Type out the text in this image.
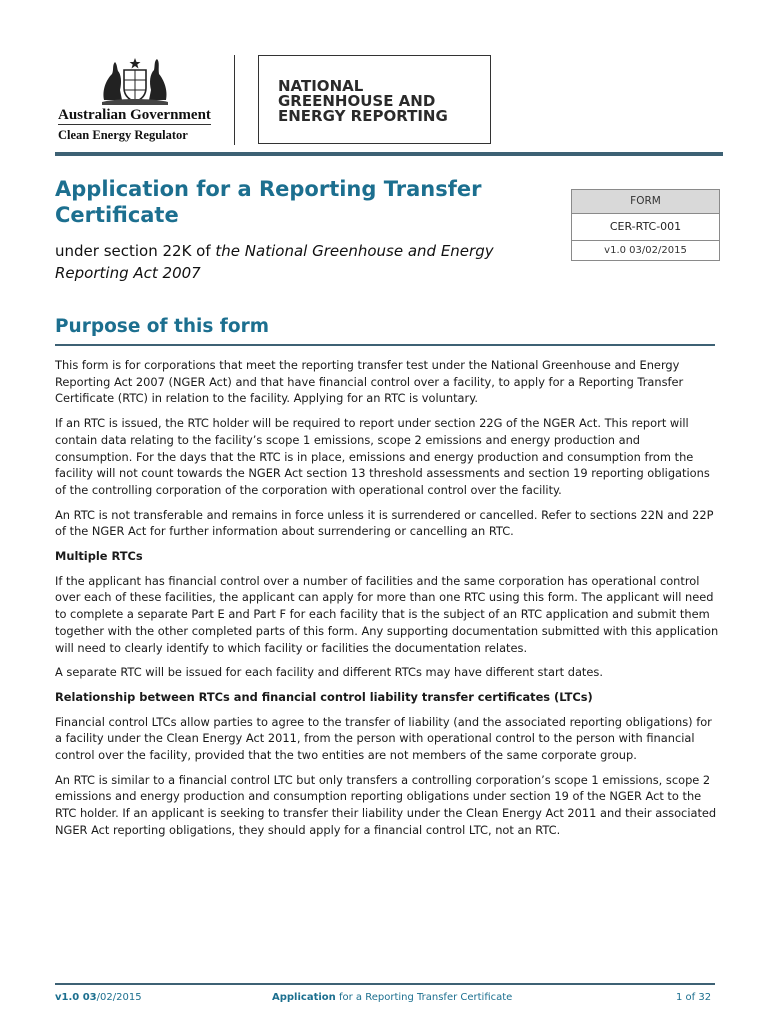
Australian Government
Clean Energy Regulator
NATIONAL
GREENHOUSE AND
ENERGY REPORTING
Application for a Reporting Transfer Certificate
under section 22K of the National Greenhouse and Energy Reporting Act 2007
FORM
CER-RTC-001
v1.0 03/02/2015
Purpose of this form

This form is for corporations that meet the reporting transfer test under the National Greenhouse and Energy Reporting Act 2007 (NGER Act) and that have financial control over a facility, to apply for a Reporting Transfer Certificate (RTC) in relation to the facility. Applying for an RTC is voluntary.

If an RTC is issued, the RTC holder will be required to report under section 22G of the NGER Act. This report will contain data relating to the facility’s scope 1 emissions, scope 2 emissions and energy production and consumption. For the days that the RTC is in place, emissions and energy production and consumption from the facility will not count towards the NGER Act section 13 threshold assessments and section 19 reporting obligations of the controlling corporation of the corporation with operational control over the facility.

An RTC is not transferable and remains in force unless it is surrendered or cancelled. Refer to sections 22N and 22P of the NGER Act for further information about surrendering or cancelling an RTC.

Multiple RTCs

If the applicant has financial control over a number of facilities and the same corporation has operational control over each of these facilities, the applicant can apply for more than one RTC using this form. The applicant will need to complete a separate Part E and Part F for each facility that is the subject of an RTC application and submit them together with the other completed parts of this form. Any supporting documentation submitted with this application will need to clearly identify to which facility or facilities the documentation relates.

A separate RTC will be issued for each facility and different RTCs may have different start dates.

Relationship between RTCs and financial control liability transfer certificates (LTCs)

Financial control LTCs allow parties to agree to the transfer of liability (and the associated reporting obligations) for a facility under the Clean Energy Act 2011, from the person with operational control to the person with financial control over the facility, provided that the two entities are not members of the same corporate group.

An RTC is similar to a financial control LTC but only transfers a controlling corporation’s scope 1 emissions, scope 2 emissions and energy production and consumption reporting obligations under section 19 of the NGER Act to the RTC holder. If an applicant is seeking to transfer their liability under the Clean Energy Act 2011 and their associated NGER Act reporting obligations, they should apply for a financial control LTC, not an RTC.

v1.0 03/02/2015	Application for a Reporting Transfer Certificate	1 of 32
